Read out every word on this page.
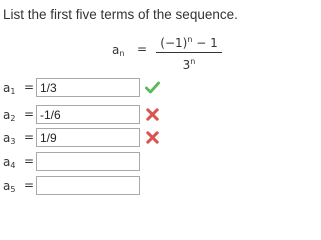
List the first five terms of the sequence.
$a_n$ =	$(-1)^n - 1$
3$^n$
$a_1$ =
1/3
$a_2$ =
-1/6
$a_3$ =
1/9
$a_4$ =
$a_5$ =
